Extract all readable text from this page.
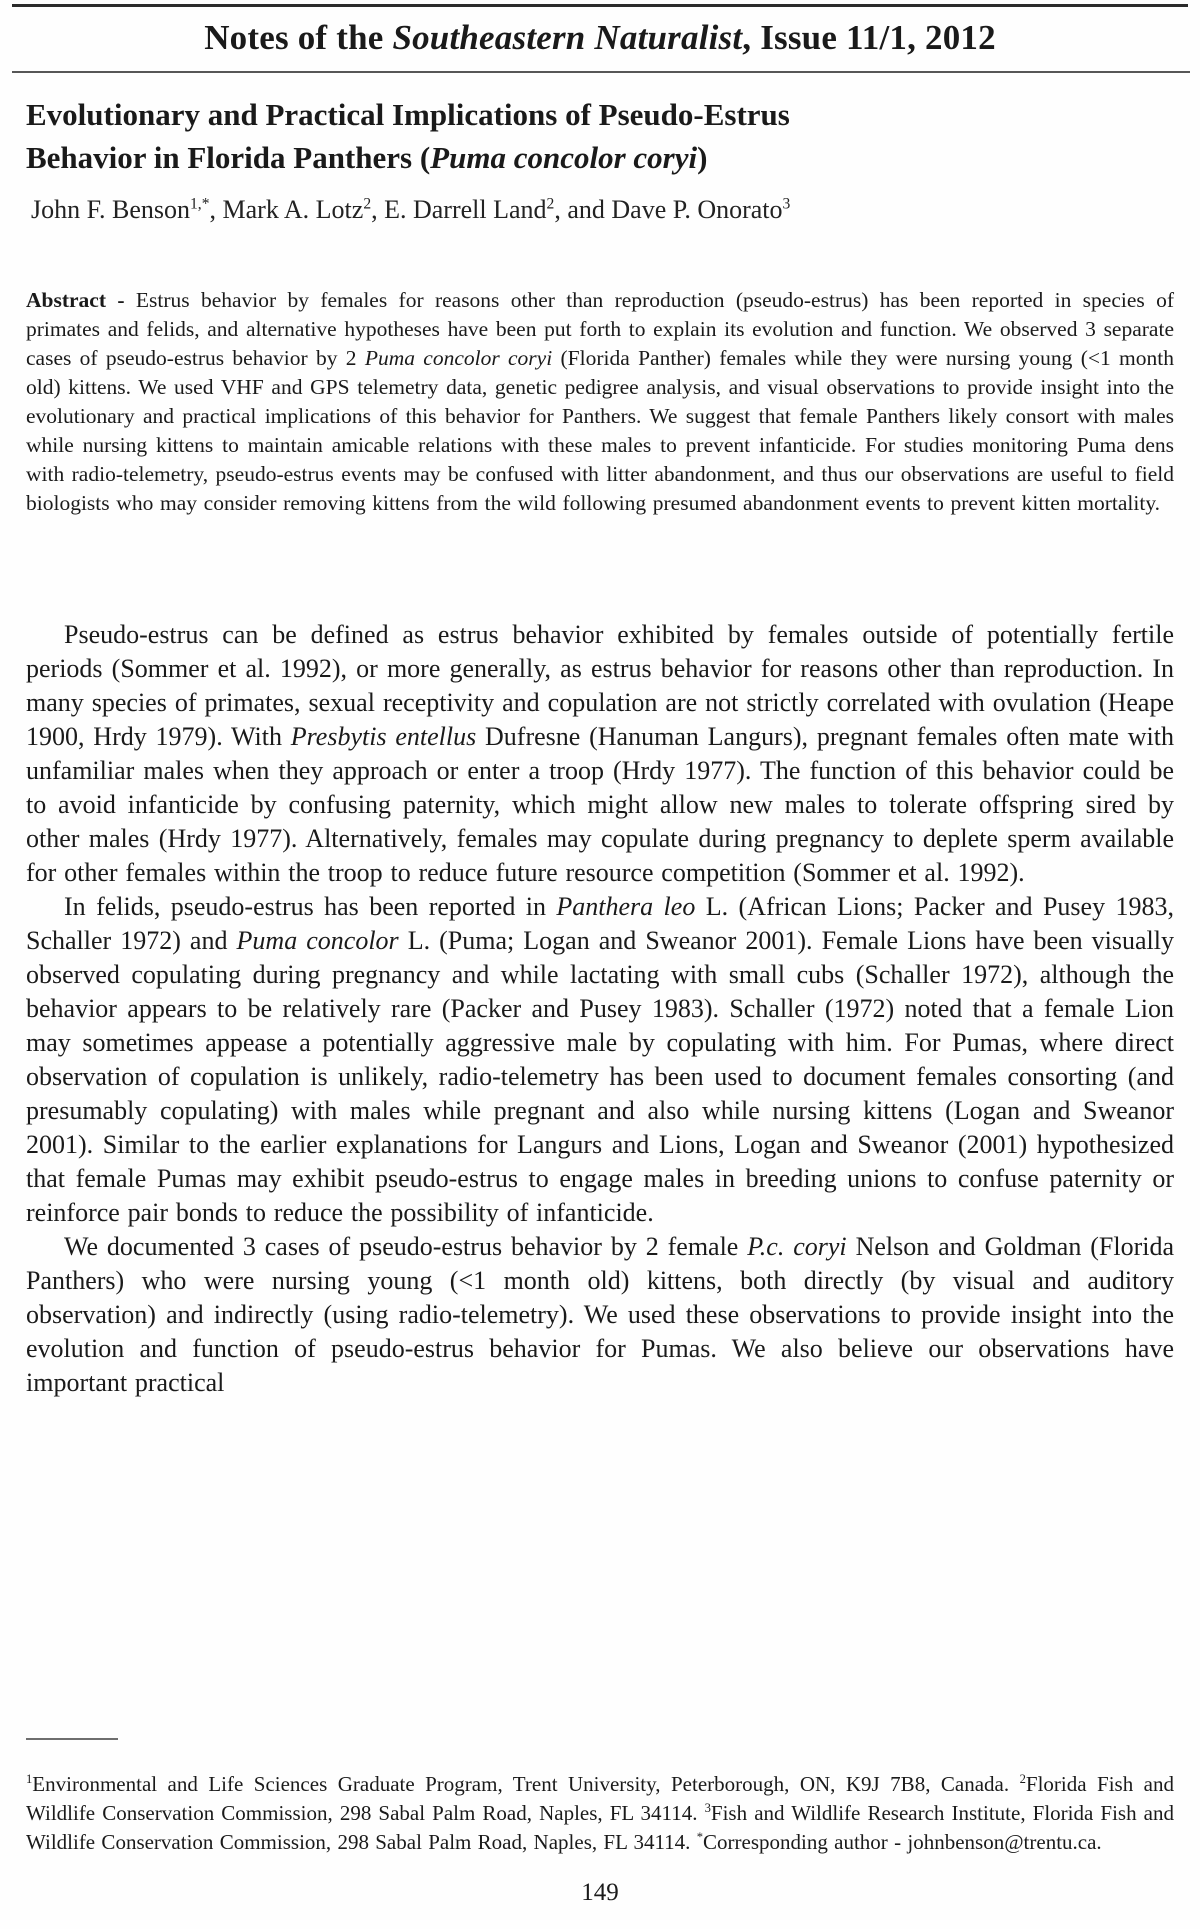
Notes of the Southeastern Naturalist, Issue 11/1, 2012
Evolutionary and Practical Implications of Pseudo-Estrus
Behavior in Florida Panthers (Puma concolor coryi)
John F. Benson$^{1,*}$, Mark A. Lotz$^2$, E. Darrell Land$^2$, and Dave P. Onorato$^3$
Abstract - Estrus behavior by females for reasons other than reproduction (pseudo-estrus) has been reported in species of primates and felids, and alternative hypotheses have been put forth to explain its evolution and function. We observed 3 separate cases of pseudo-estrus behavior by 2 Puma concolor coryi (Florida Panther) females while they were nursing young (<1 month old) kittens. We used VHF and GPS telemetry data, genetic pedigree analysis, and visual observations to provide insight into the evolutionary and practical implications of this behavior for Panthers. We suggest that female Panthers likely consort with males while nursing kittens to maintain amicable relations with these males to prevent infanticide. For studies monitoring Puma dens with radio-telemetry, pseudo-estrus events may be confused with litter abandonment, and thus our observations are useful to field biologists who may consider removing kittens from the wild following presumed abandonment events to prevent kitten mortality.

Pseudo-estrus can be defined as estrus behavior exhibited by females outside of potentially fertile periods (Sommer et al. 1992), or more generally, as estrus behavior for reasons other than reproduction. In many species of primates, sexual receptivity and copulation are not strictly correlated with ovulation (Heape 1900, Hrdy 1979). With Presbytis entellus Dufresne (Hanuman Langurs), pregnant females often mate with unfamiliar males when they approach or enter a troop (Hrdy 1977). The function of this behavior could be to avoid infanticide by confusing paternity, which might allow new males to tolerate offspring sired by other males (Hrdy 1977). Alternatively, females may copulate during pregnancy to deplete sperm available for other females within the troop to reduce future resource competition (Sommer et al. 1992).

In felids, pseudo-estrus has been reported in Panthera leo L. (African Lions; Packer and Pusey 1983, Schaller 1972) and Puma concolor L. (Puma; Logan and Sweanor 2001). Female Lions have been visually observed copulating during pregnancy and while lactating with small cubs (Schaller 1972), although the behavior appears to be relatively rare (Packer and Pusey 1983). Schaller (1972) noted that a female Lion may sometimes appease a potentially aggressive male by copulating with him. For Pumas, where direct observation of copulation is unlikely, radio-telemetry has been used to document females consorting (and presumably copulating) with males while pregnant and also while nursing kittens (Logan and Sweanor 2001). Similar to the earlier explanations for Langurs and Lions, Logan and Sweanor (2001) hypothesized that female Pumas may exhibit pseudo-estrus to engage males in breeding unions to confuse paternity or reinforce pair bonds to reduce the possibility of infanticide.

We documented 3 cases of pseudo-estrus behavior by 2 female P.c. coryi Nelson and Goldman (Florida Panthers) who were nursing young (<1 month old) kittens, both directly (by visual and auditory observation) and indirectly (using radio-telemetry). We used these observations to provide insight into the evolution and function of pseudo-estrus behavior for Pumas. We also believe our observations have important practical

$^1$Environmental and Life Sciences Graduate Program, Trent University, Peterborough, ON, K9J 7B8, Canada. $^2$Florida Fish and Wildlife Conservation Commission, 298 Sabal Palm Road, Naples, FL 34114. $^3$Fish and Wildlife Research Institute, Florida Fish and Wildlife Conservation Commission, 298 Sabal Palm Road, Naples, FL 34114. *Corresponding author - johnbenson@trentu.ca.
149
